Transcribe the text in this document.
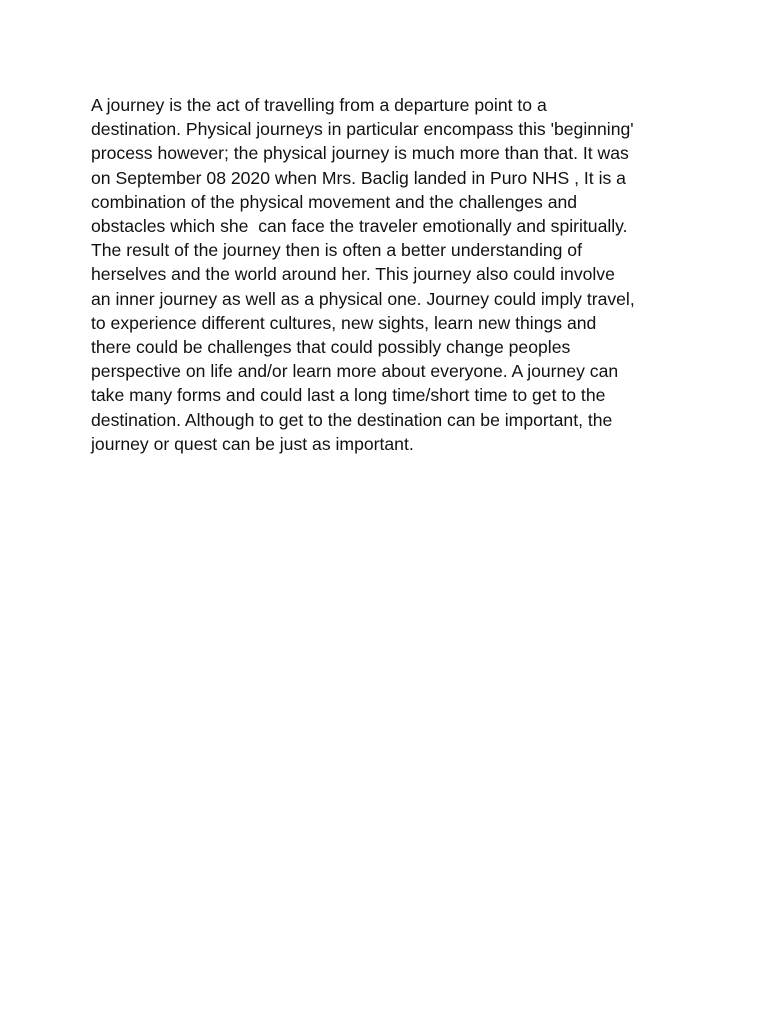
A journey is the act of travelling from a departure point to a
destination. Physical journeys in particular encompass this 'beginning'
process however; the physical journey is much more than that. It was
on September 08 2020 when Mrs. Baclig landed in Puro NHS , It is a
combination of the physical movement and the challenges and
obstacles which she  can face the traveler emotionally and spiritually.
The result of the journey then is often a better understanding of
herselves and the world around her. This journey also could involve
an inner journey as well as a physical one. Journey could imply travel,
to experience different cultures, new sights, learn new things and
there could be challenges that could possibly change peoples
perspective on life and/or learn more about everyone. A journey can
take many forms and could last a long time/short time to get to the
destination. Although to get to the destination can be important, the
journey or quest can be just as important.
